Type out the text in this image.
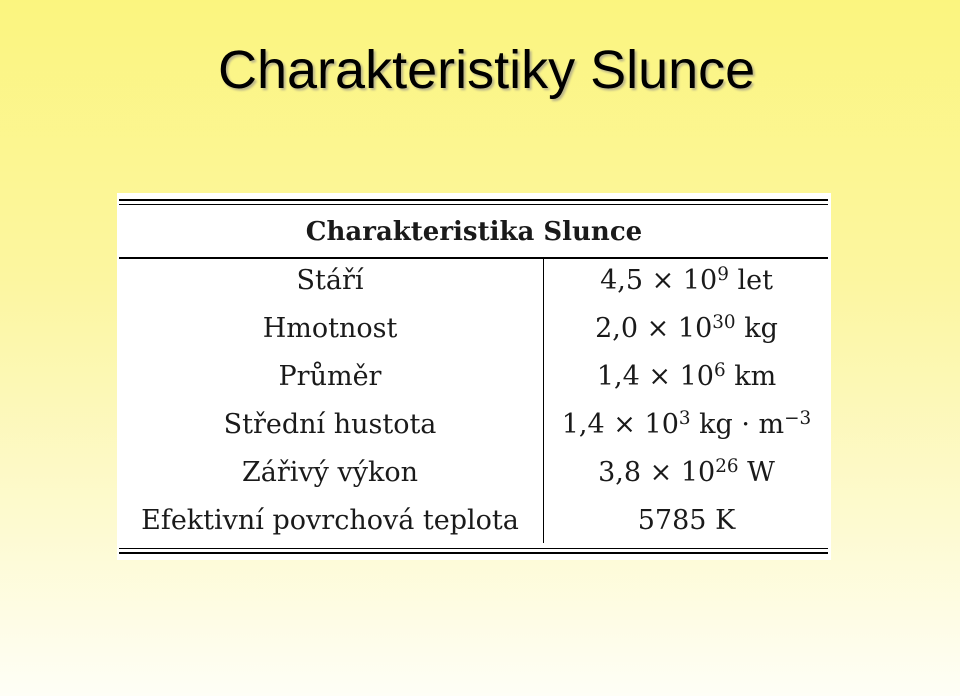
Charakteristiky Slunce
Charakteristika Slunce
Stáří	$4,5 \times 10^9$ let
Hmotnost	$2,0 \times 10^{30}$ kg
Průměr	$1,4 \times 10^6$ km
Střední hustota	$1,4 \times 10^3$ kg · $m^{-3}$
Zářivý výkon	$3,8 \times 10^{26}$ W
Efektivní povrchová teplota	5785 K
